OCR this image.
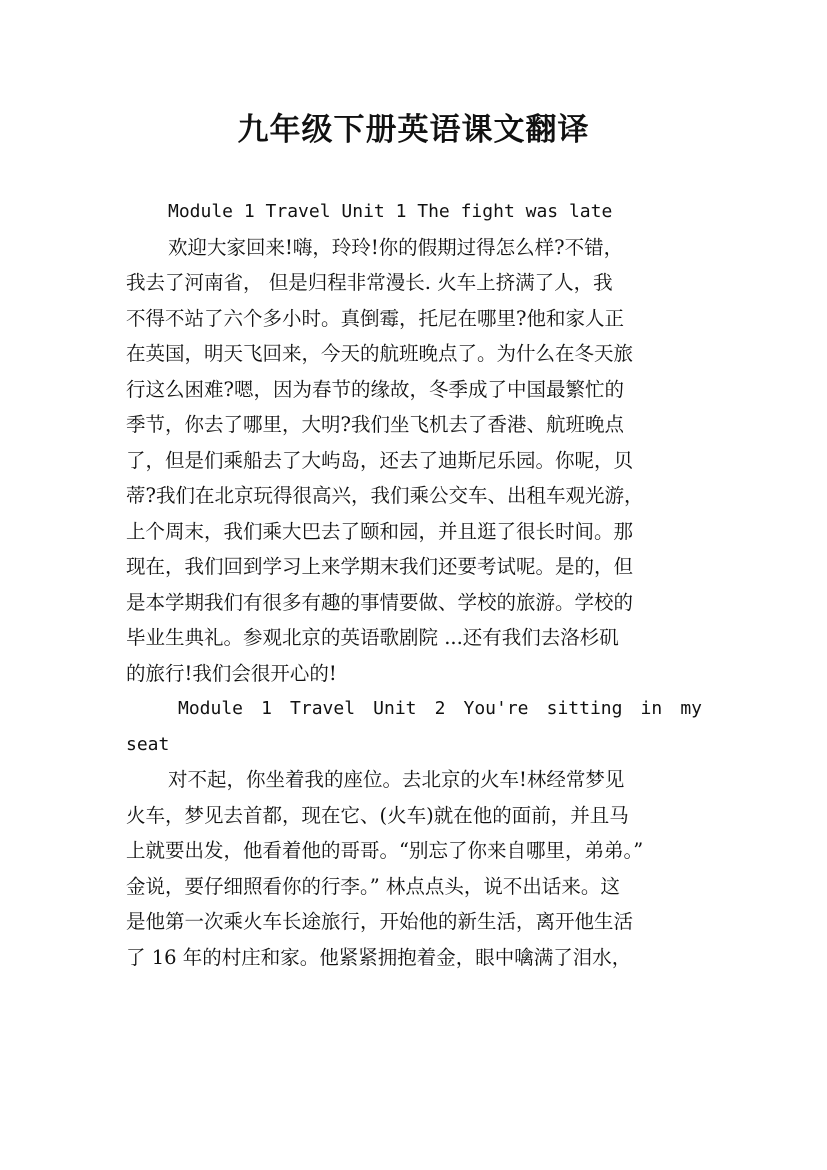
九年级下册英语课文翻译
Module 1 Travel Unit 1 The fight was late
欢迎大家回来!嗨，玲玲!你的假期过得怎么样?不错，
我去了河南省， 但是归程非常漫长. 火车上挤满了人，我
不得不站了六个多小时。真倒霉，托尼在哪里?他和家人正
在英国，明天飞回来，今天的航班晚点了。为什么在冬天旅
行这么困难?嗯，因为春节的缘故，冬季成了中国最繁忙的
季节，你去了哪里，大明?我们坐飞机去了香港、航班晚点
了，但是们乘船去了大屿岛，还去了迪斯尼乐园。你呢，贝
蒂?我们在北京玩得很高兴，我们乘公交车、出租车观光游，
上个周末，我们乘大巴去了颐和园，并且逛了很长时间。那
现在，我们回到学习上来学期末我们还要考试呢。是的，但
是本学期我们有很多有趣的事情要做、学校的旅游。学校的
毕业生典礼。参观北京的英语歌剧院 ...还有我们去洛杉矶
的旅行!我们会很开心的!
Module 1 Travel Unit 2 You're sitting in my
seat
对不起，你坐着我的座位。去北京的火车!林经常梦见
火车，梦见去首都，现在它、(火车)就在他的面前，并且马
上就要出发，他看着他的哥哥。“别忘了你来自哪里，弟弟。”
金说，要仔细照看你的行李。” 林点点头，说不出话来。这
是他第一次乘火车长途旅行，开始他的新生活，离开他生活
了 16 年的村庄和家。他紧紧拥抱着金，眼中噙满了泪水，
